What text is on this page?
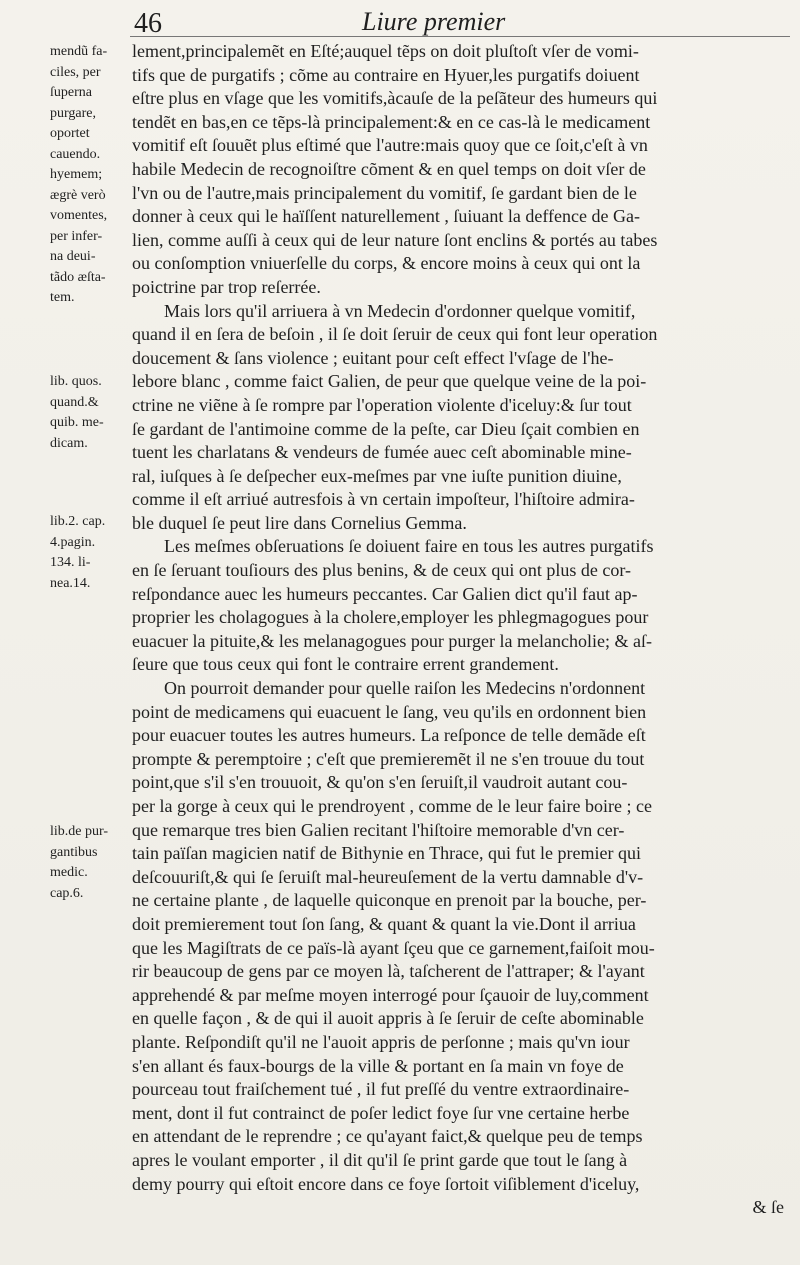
46	Liure premier
mendũ fa-
ciles, per
ſuperna
purgare,
oportet
cauendo.
hyemem;
ægrè verò
vomentes,
per infer-
na deui-
tãdo æſta-
tem.
lib. quos.
quand.&
quib. me-
dicam.
lib.2. cap.
4.pagin.
134. li-
nea.14.
lib.de pur-
gantibus
medic.
cap.6.
lement,principalemẽt en Eſté;auquel tẽps on doit pluſtoſt vſer de vomi-
tifs que de purgatifs ; cõme au contraire en Hyuer,les purgatifs doiuent
eſtre plus en vſage que les vomitifs,àcauſe de la peſãteur des humeurs qui
tendẽt en bas,en ce tẽps-là principalement:& en ce cas-là le medicament
vomitif eſt ſouuẽt plus eſtimé que l'autre:mais quoy que ce ſoit,c'eſt à vn
habile Medecin de recognoiſtre cõment & en quel temps on doit vſer de
l'vn ou de l'autre,mais principalement du vomitif, ſe gardant bien de le
donner à ceux qui le haïſſent naturellement , ſuiuant la deffence de Ga-
lien, comme auſſi à ceux qui de leur nature ſont enclins & portés au tabes
ou conſomption vniuerſelle du corps, & encore moins à ceux qui ont la
poictrine par trop reſerrée.
Mais lors qu'il arriuera à vn Medecin d'ordonner quelque vomitif,
quand il en ſera de beſoin , il ſe doit ſeruir de ceux qui font leur operation
doucement & ſans violence ; euitant pour ceſt effect l'vſage de l'he-
lebore blanc , comme faict Galien, de peur que quelque veine de la poi-
ctrine ne viẽne à ſe rompre par l'operation violente d'iceluy:& ſur tout
ſe gardant de l'antimoine comme de la peſte, car Dieu ſçait combien en
tuent les charlatans & vendeurs de fumée auec ceſt abominable mine-
ral, iuſques à ſe deſpecher eux-meſmes par vne iuſte punition diuine,
comme il eſt arriué autresfois à vn certain impoſteur, l'hiſtoire admira-
ble duquel ſe peut lire dans Cornelius Gemma.
Les meſmes obſeruations ſe doiuent faire en tous les autres purgatifs
en ſe ſeruant touſiours des plus benins, & de ceux qui ont plus de cor-
reſpondance auec les humeurs peccantes. Car Galien dict qu'il faut ap-
proprier les cholagogues à la cholere,employer les phlegmagogues pour
euacuer la pituite,& les melanagogues pour purger la melancholie; & aſ-
ſeure que tous ceux qui font le contraire errent grandement.
On pourroit demander pour quelle raiſon les Medecins n'ordonnent
point de medicamens qui euacuent le ſang, veu qu'ils en ordonnent bien
pour euacuer toutes les autres humeurs. La reſponce de telle demãde eſt
prompte & peremptoire ; c'eſt que premieremẽt il ne s'en trouue du tout
point,que s'il s'en trouuoit, & qu'on s'en ſeruiſt,il vaudroit autant cou-
per la gorge à ceux qui le prendroyent , comme de le leur faire boire ; ce
que remarque tres bien Galien recitant l'hiſtoire memorable d'vn cer-
tain païſan magicien natif de Bithynie en Thrace, qui fut le premier qui
deſcouuriſt,& qui ſe ſeruiſt mal-heureuſement de la vertu damnable d'v-
ne certaine plante , de laquelle quiconque en prenoit par la bouche, per-
doit premierement tout ſon ſang, & quant & quant la vie.Dont il arriua
que les Magiſtrats de ce païs-là ayant ſçeu que ce garnement,faiſoit mou-
rir beaucoup de gens par ce moyen là, taſcherent de l'attraper; & l'ayant
apprehendé & par meſme moyen interrogé pour ſçauoir de luy,comment
en quelle façon , & de qui il auoit appris à ſe ſeruir de ceſte abominable
plante. Reſpondiſt qu'il ne l'auoit appris de perſonne ; mais qu'vn iour
s'en allant és faux-bourgs de la ville & portant en ſa main vn foye de
pourceau tout fraiſchement tué , il fut preſſé du ventre extraordinaire-
ment, dont il fut contrainct de poſer ledict foye ſur vne certaine herbe
en attendant de le reprendre ; ce qu'ayant faict,& quelque peu de temps
apres le voulant emporter , il dit qu'il ſe print garde que tout le ſang à
demy pourry qui eſtoit encore dans ce foye ſortoit viſiblement d'iceluy,
& ſe
